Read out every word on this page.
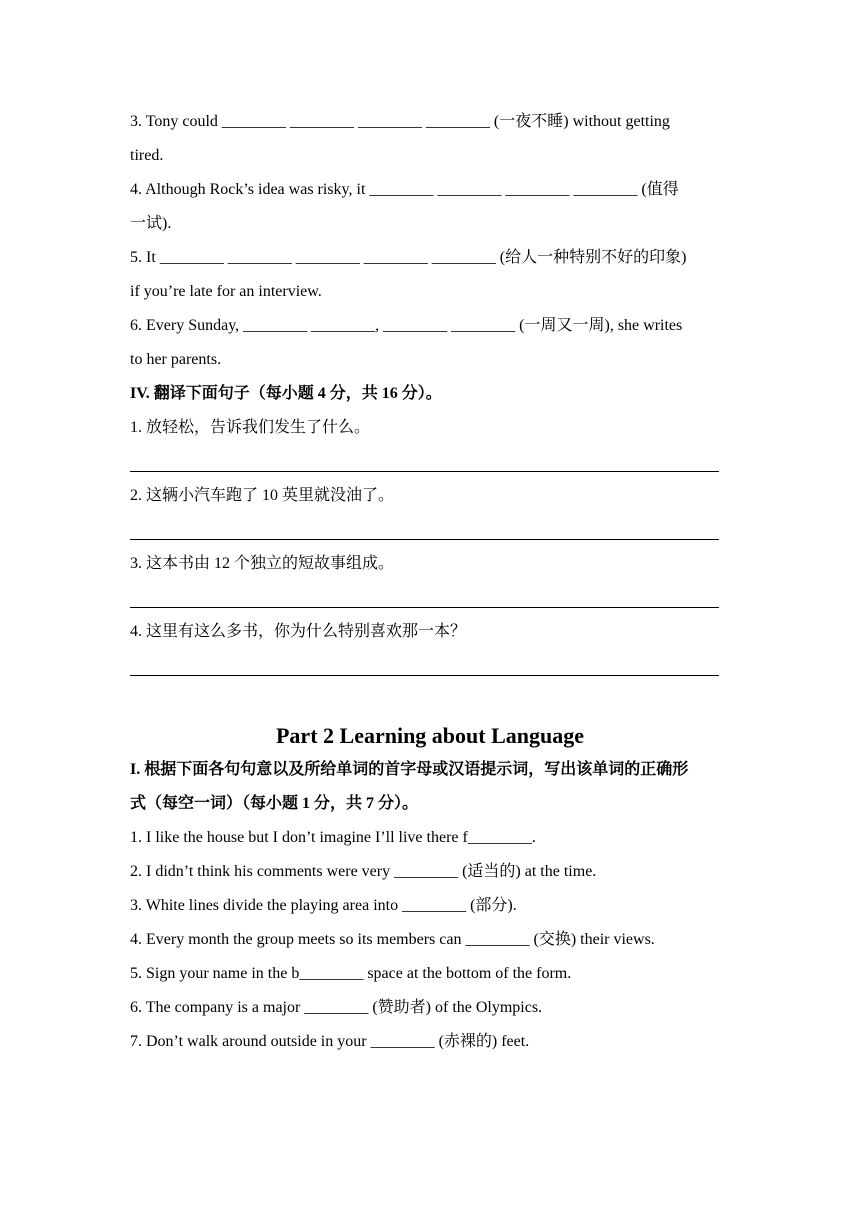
3. Tony could ________ ________ ________ ________ (一夜不睡) without getting

tired.

4. Although Rock’s idea was risky, it ________ ________ ________ ________ (值得

一试).

5. It ________ ________ ________ ________ ________ (给人一种特别不好的印象)

if you’re late for an interview.

6. Every Sunday, ________ ________, ________ ________ (一周又一周), she writes

to her parents.

IV. 翻译下面句子（每小题 4 分，共 16 分）。

1. 放轻松，告诉我们发生了什么。

2. 这辆小汽车跑了 10 英里就没油了。

3. 这本书由 12 个独立的短故事组成。

4. 这里有这么多书，你为什么特别喜欢那一本？

Part 2 Learning about Language

I. 根据下面各句句意以及所给单词的首字母或汉语提示词，写出该单词的正确形

式（每空一词）（每小题 1 分，共 7 分）。

1. I like the house but I don’t imagine I’ll live there f________.

2. I didn’t think his comments were very ________ (适当的) at the time.

3. White lines divide the playing area into ________ (部分).

4. Every month the group meets so its members can ________ (交换) their views.

5. Sign your name in the b________ space at the bottom of the form.

6. The company is a major ________ (赞助者) of the Olympics.

7. Don’t walk around outside in your ________ (赤裸的) feet.
